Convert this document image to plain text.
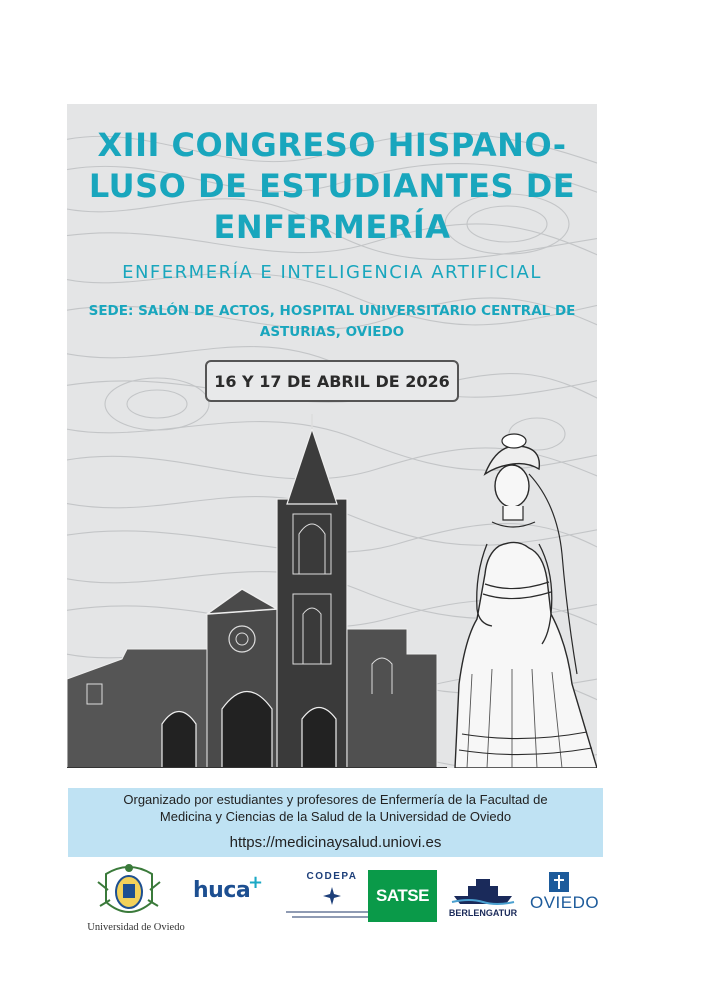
XIII CONGRESO HISPANO-
LUSO DE ESTUDIANTES DE
ENFERMERÍA
ENFERMERÍA E INTELIGENCIA ARTIFICIAL
SEDE: SALÓN DE ACTOS, HOSPITAL UNIVERSITARIO CENTRAL DE
ASTURIAS, OVIEDO
16 Y 17 DE ABRIL DE 2026
Organizado por estudiantes y profesores de Enfermería de la Facultad de
Medicina y Ciencias de la Salud de la Universidad de Oviedo
https://medicinaysalud.uniovi.es
Universidad de Oviedo
huca
+	CODEPA
SATSE
BERLENGATUR
OVIEDO
